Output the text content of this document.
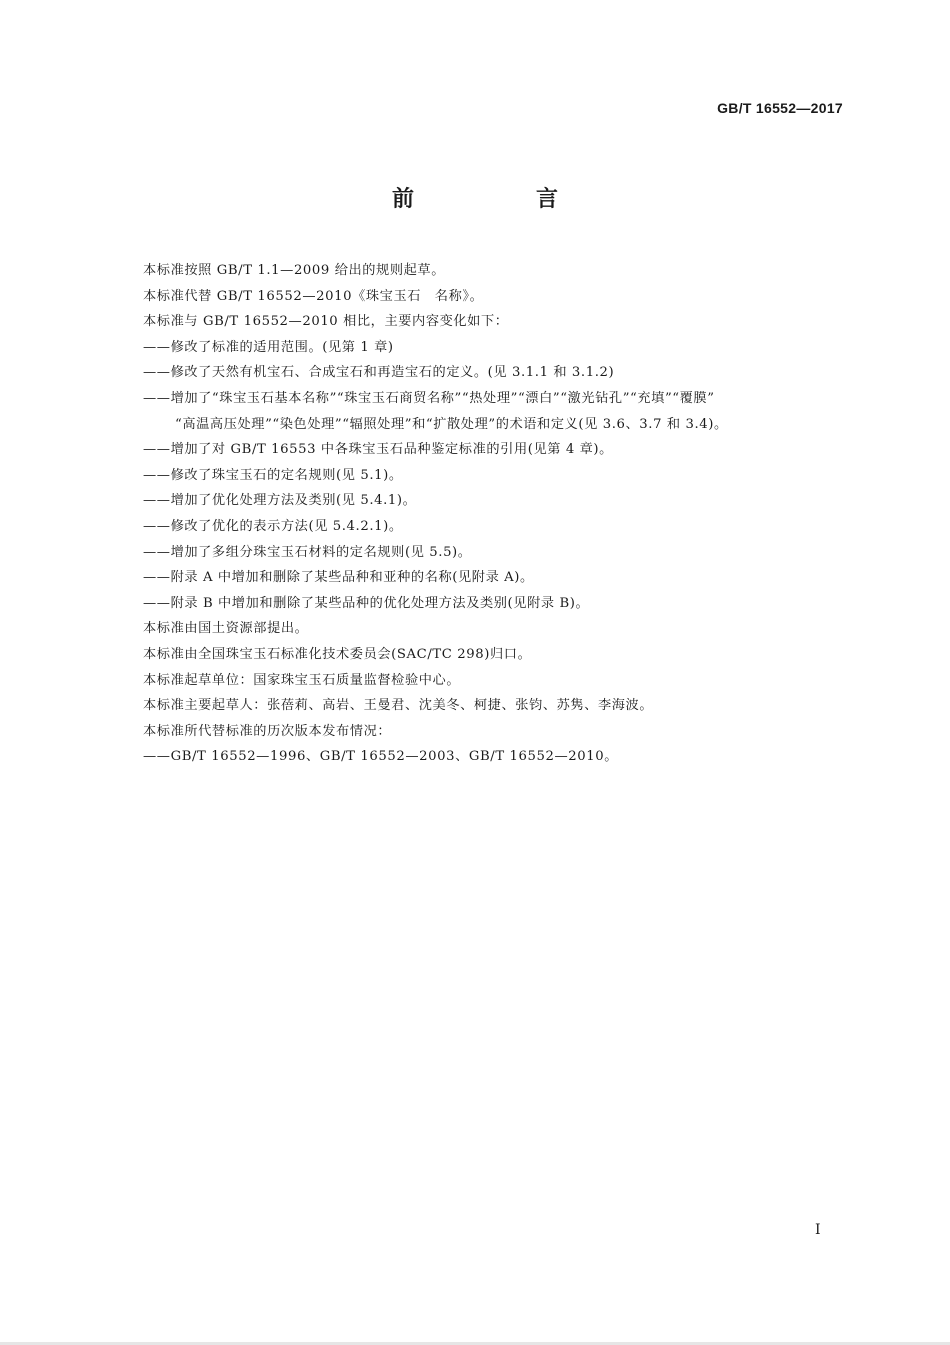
GB/T 16552—2017
前　言
本标准按照 GB/T 1.1—2009 给出的规则起草。
本标准代替 GB/T 16552—2010《珠宝玉石　名称》。
本标准与 GB/T 16552—2010 相比，主要内容变化如下：
——修改了标准的适用范围。(见第 1 章)
——修改了天然有机宝石、合成宝石和再造宝石的定义。(见 3.1.1 和 3.1.2)
——增加了“珠宝玉石基本名称”“珠宝玉石商贸名称”“热处理”“漂白”“激光钻孔”“充填”“覆膜”
“高温高压处理”“染色处理”“辐照处理”和“扩散处理”的术语和定义(见 3.6、3.7 和 3.4)。
——增加了对 GB/T 16553 中各珠宝玉石品种鉴定标准的引用(见第 4 章)。
——修改了珠宝玉石的定名规则(见 5.1)。
——增加了优化处理方法及类别(见 5.4.1)。
——修改了优化的表示方法(见 5.4.2.1)。
——增加了多组分珠宝玉石材料的定名规则(见 5.5)。
——附录 A 中增加和删除了某些品种和亚种的名称(见附录 A)。
——附录 B 中增加和删除了某些品种的优化处理方法及类别(见附录 B)。
本标准由国土资源部提出。
本标准由全国珠宝玉石标准化技术委员会(SAC/TC 298)归口。
本标准起草单位：国家珠宝玉石质量监督检验中心。
本标准主要起草人：张蓓莉、高岩、王曼君、沈美冬、柯捷、张钧、苏隽、李海波。
本标准所代替标准的历次版本发布情况：
——GB/T 16552—1996、GB/T 16552—2003、GB/T 16552—2010。
I
